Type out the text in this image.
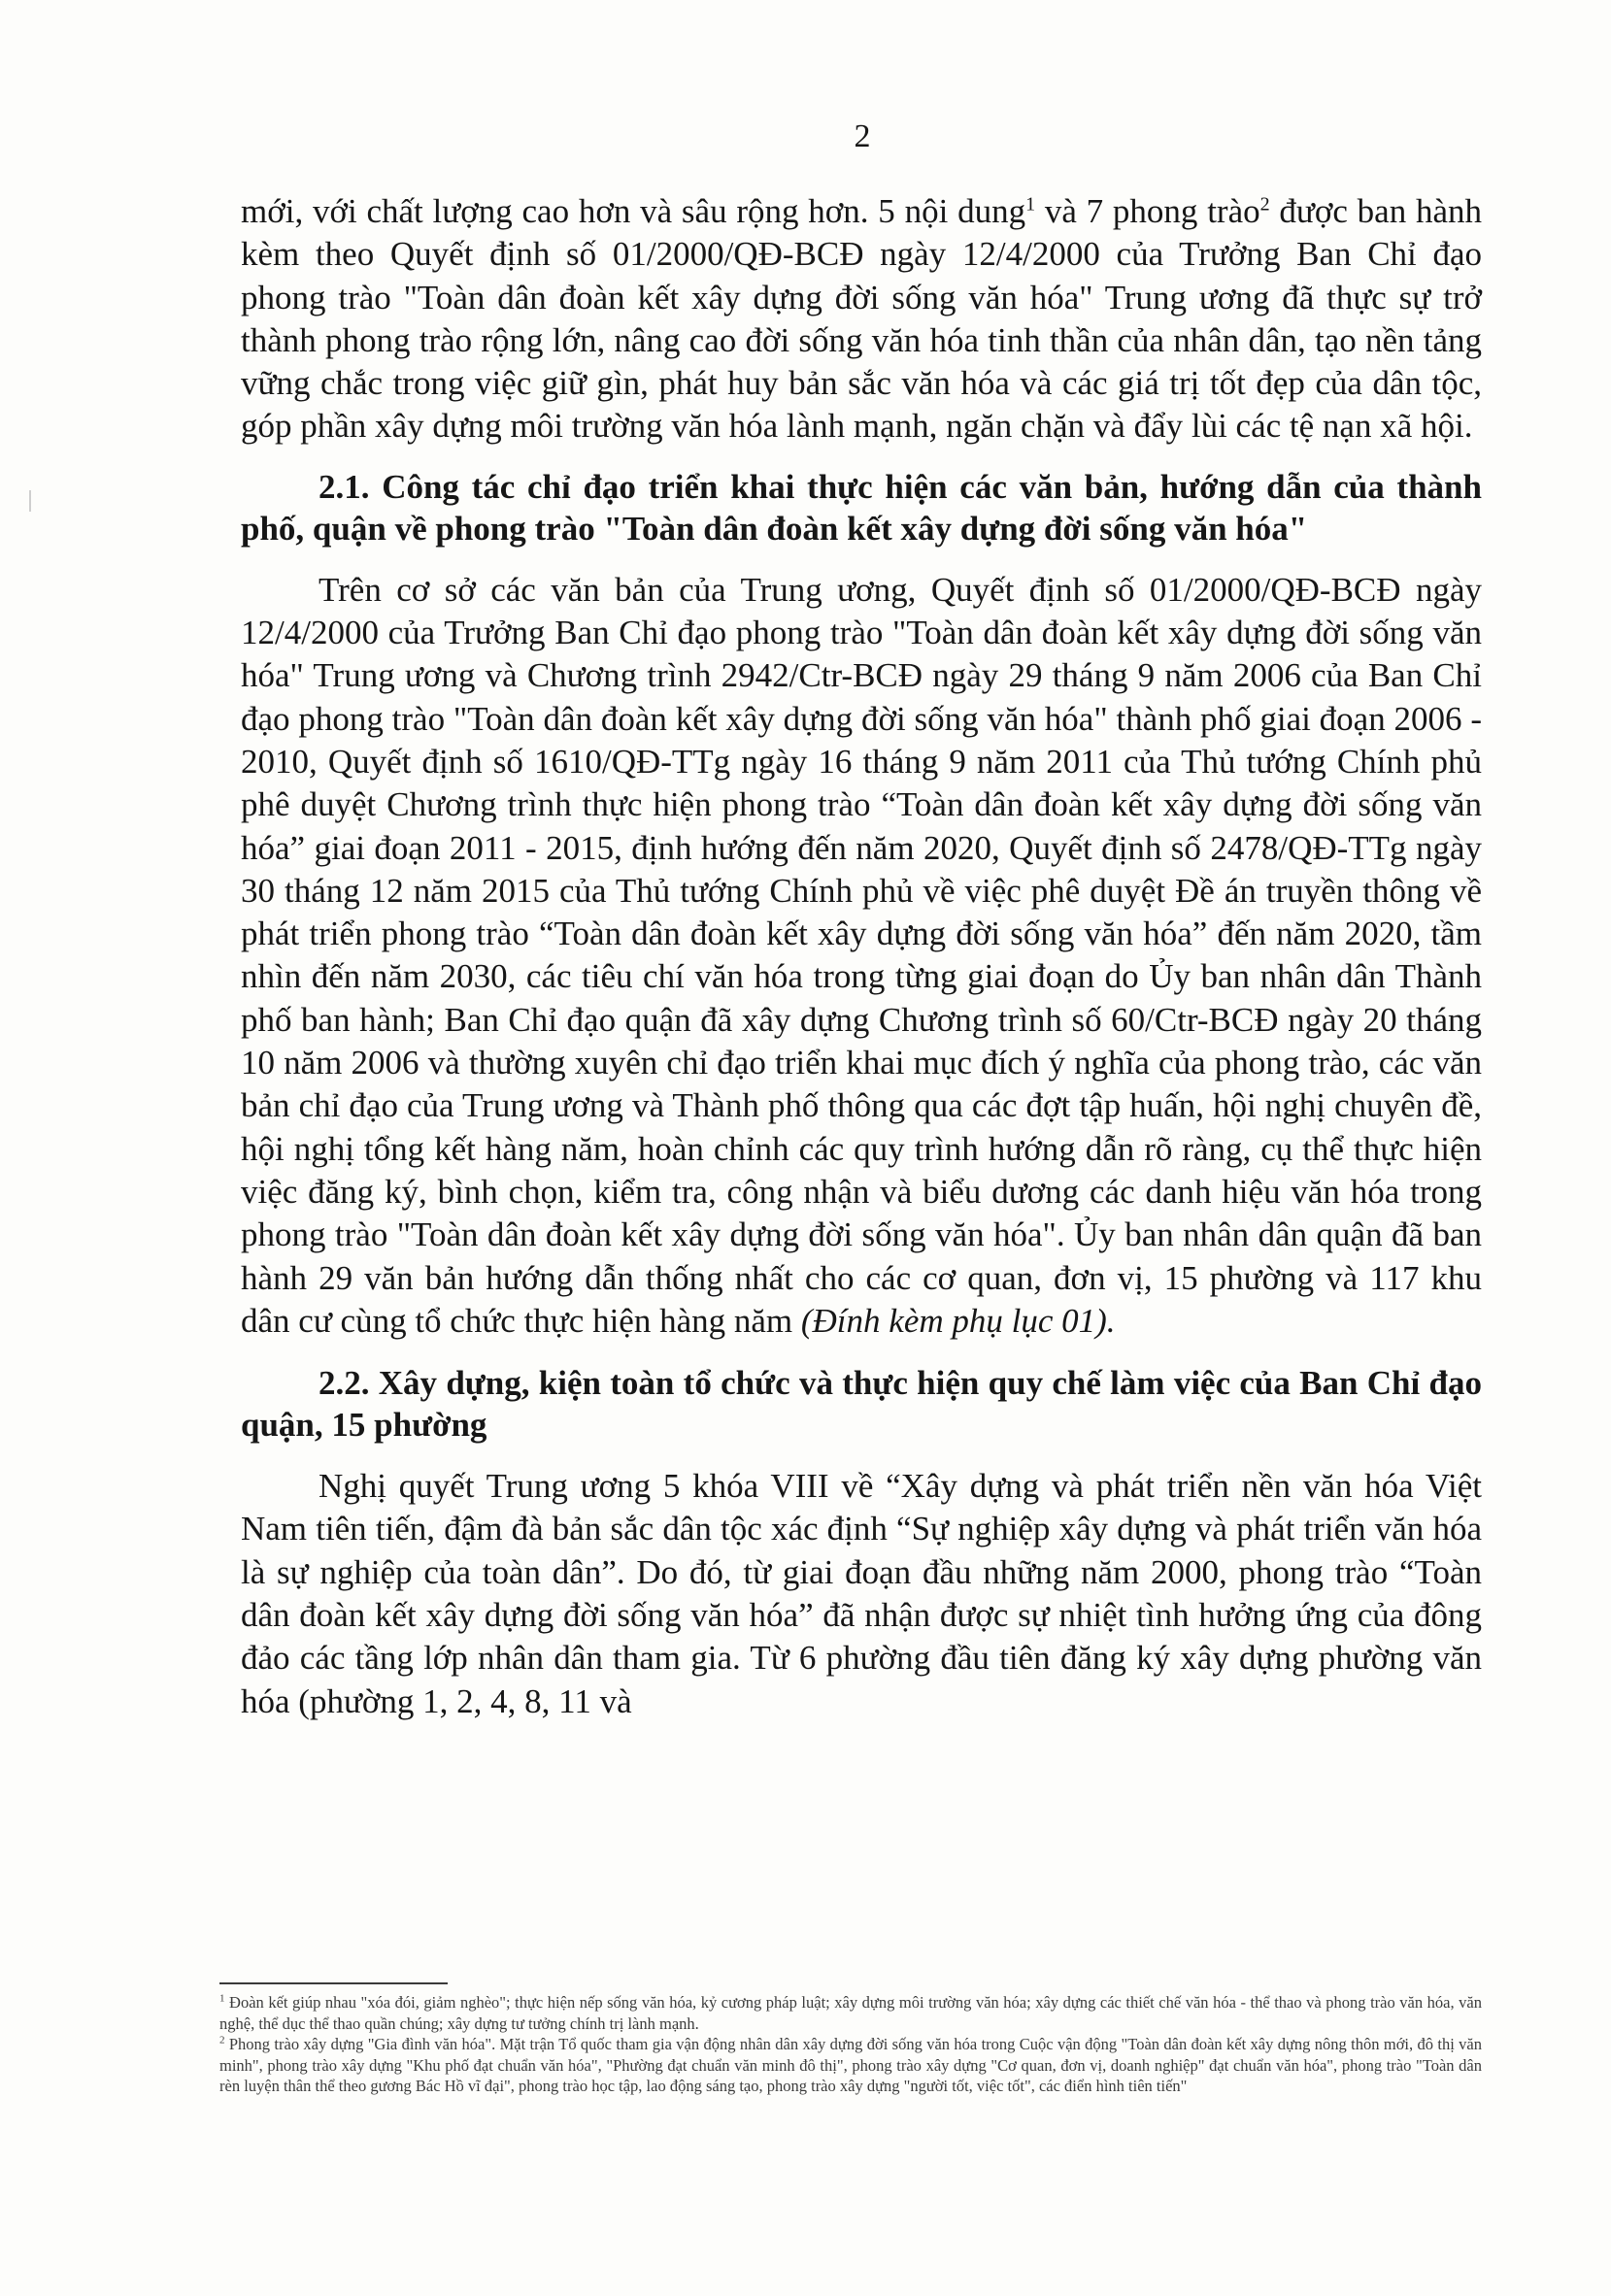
2

mới, với chất lượng cao hơn và sâu rộng hơn. 5 nội dung$^1$ và 7 phong trào$^2$ được ban hành kèm theo Quyết định số 01/2000/QĐ-BCĐ ngày 12/4/2000 của Trưởng Ban Chỉ đạo phong trào "Toàn dân đoàn kết xây dựng đời sống văn hóa" Trung ương đã thực sự trở thành phong trào rộng lớn, nâng cao đời sống văn hóa tinh thần của nhân dân, tạo nền tảng vững chắc trong việc giữ gìn, phát huy bản sắc văn hóa và các giá trị tốt đẹp của dân tộc, góp phần xây dựng môi trường văn hóa lành mạnh, ngăn chặn và đẩy lùi các tệ nạn xã hội.

2.1. Công tác chỉ đạo triển khai thực hiện các văn bản, hướng dẫn của thành phố, quận về phong trào "Toàn dân đoàn kết xây dựng đời sống văn hóa"

Trên cơ sở các văn bản của Trung ương, Quyết định số 01/2000/QĐ-BCĐ ngày 12/4/2000 của Trưởng Ban Chỉ đạo phong trào "Toàn dân đoàn kết xây dựng đời sống văn hóa" Trung ương và Chương trình 2942/Ctr-BCĐ ngày 29 tháng 9 năm 2006 của Ban Chỉ đạo phong trào "Toàn dân đoàn kết xây dựng đời sống văn hóa" thành phố giai đoạn 2006 - 2010, Quyết định số 1610/QĐ-TTg ngày 16 tháng 9 năm 2011 của Thủ tướng Chính phủ phê duyệt Chương trình thực hiện phong trào “Toàn dân đoàn kết xây dựng đời sống văn hóa” giai đoạn 2011 - 2015, định hướng đến năm 2020, Quyết định số 2478/QĐ-TTg ngày 30 tháng 12 năm 2015 của Thủ tướng Chính phủ về việc phê duyệt Đề án truyền thông về phát triển phong trào “Toàn dân đoàn kết xây dựng đời sống văn hóa” đến năm 2020, tầm nhìn đến năm 2030, các tiêu chí văn hóa trong từng giai đoạn do Ủy ban nhân dân Thành phố ban hành; Ban Chỉ đạo quận đã xây dựng Chương trình số 60/Ctr-BCĐ ngày 20 tháng 10 năm 2006 và thường xuyên chỉ đạo triển khai mục đích ý nghĩa của phong trào, các văn bản chỉ đạo của Trung ương và Thành phố thông qua các đợt tập huấn, hội nghị chuyên đề, hội nghị tổng kết hàng năm, hoàn chỉnh các quy trình hướng dẫn rõ ràng, cụ thể thực hiện việc đăng ký, bình chọn, kiểm tra, công nhận và biểu dương các danh hiệu văn hóa trong phong trào "Toàn dân đoàn kết xây dựng đời sống văn hóa". Ủy ban nhân dân quận đã ban hành 29 văn bản hướng dẫn thống nhất cho các cơ quan, đơn vị, 15 phường và 117 khu dân cư cùng tổ chức thực hiện hàng năm (Đính kèm phụ lục 01).

2.2. Xây dựng, kiện toàn tổ chức và thực hiện quy chế làm việc của Ban Chỉ đạo quận, 15 phường

Nghị quyết Trung ương 5 khóa VIII về “Xây dựng và phát triển nền văn hóa Việt Nam tiên tiến, đậm đà bản sắc dân tộc xác định “Sự nghiệp xây dựng và phát triển văn hóa là sự nghiệp của toàn dân”. Do đó, từ giai đoạn đầu những năm 2000, phong trào “Toàn dân đoàn kết xây dựng đời sống văn hóa” đã nhận được sự nhiệt tình hưởng ứng của đông đảo các tầng lớp nhân dân tham gia. Từ 6 phường đầu tiên đăng ký xây dựng phường văn hóa (phường 1, 2, 4, 8, 11 và

$^1$ Đoàn kết giúp nhau "xóa đói, giảm nghèo"; thực hiện nếp sống văn hóa, kỷ cương pháp luật; xây dựng môi trường văn hóa; xây dựng các thiết chế văn hóa - thể thao và phong trào văn hóa, văn nghệ, thể dục thể thao quần chúng; xây dựng tư tưởng chính trị lành mạnh.

$^2$ Phong trào xây dựng "Gia đình văn hóa". Mặt trận Tổ quốc tham gia vận động nhân dân xây dựng đời sống văn hóa trong Cuộc vận động "Toàn dân đoàn kết xây dựng nông thôn mới, đô thị văn minh", phong trào xây dựng "Khu phố đạt chuẩn văn hóa", "Phường đạt chuẩn văn minh đô thị", phong trào xây dựng "Cơ quan, đơn vị, doanh nghiệp" đạt chuẩn văn hóa", phong trào "Toàn dân rèn luyện thân thể theo gương Bác Hồ vĩ đại", phong trào học tập, lao động sáng tạo, phong trào xây dựng "người tốt, việc tốt", các điển hình tiên tiến"
